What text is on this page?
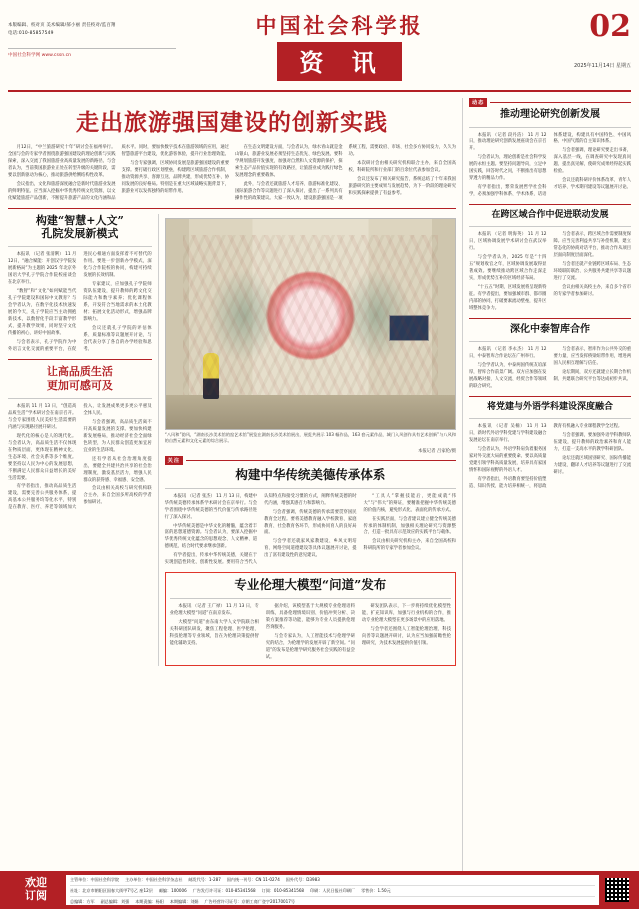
本版编辑、校对页 美术编辑/郝小丽 责任校对/监百翔
电话:010-85857549
中国社会科学网 www.cssn.cn
中国社会科学报
资 讯
02
2025年11月14日 星期五
走出旅游强国建设的创新实践

月12日，“中兰旅游研究十年”研讨会在福州举行。全国与会的专家学者围绕旅游强国建设的理论创新与实践探索，深入交流了我国旅游业高质量发展的新路径。与会者认为，当前我国旅游业正处在转型升级的关键阶段，需要以创新驱动为核心，推动旅游供给侧结构性改革。

会议指出，文化和旅游深度融合是新时代旅游业发展的鲜明特征。应当深入挖掘中华优秀传统文化资源，以文化赋能旅游产品创新，不断提升旅游产品的文化内涵和品质水平。同时，要加快数字技术在旅游领域的应用，通过智慧旅游平台建设，优化游客体验，提升行业治理效能。

与会专家强调，区域协同发展是旅游强国建设的重要支撑。要打破行政区划壁垒，构建跨区域旅游合作机制，推动资源共享、客源互送、品牌共建，形成优势互补、协同发展的良好格局。特别是在重大区域战略实施背景下，旅游业可以发挥独特的纽带作用。

在生态文明建设方面，与会者认为，绿水青山就是金山银山，旅游业发展必须坚持生态优先、绿色发展。要科学规划旅游开发强度，加强对自然和人文资源的保护，探索生态产品价值实现的有效路径，让旅游业成为践行绿色发展理念的重要载体。

此外，与会者还就旅游人才培养、旅游标准化建设、国际旅游合作等议题进行了深入探讨，提出了一系列具有操作性的政策建议。大家一致认为，建设旅游强国是一项系统工程，需要政府、市场、社会多方协同发力，久久为功。

本次研讨会由相关研究机构联合主办，来自全国高校、科研院所和行业部门的百余位代表参加会议。

会议还发布了相关研究报告，系统总结了十年来我国旅游研究的主要成果与发展趋势，为下一阶段的理论研究和实践探索提供了有益参考。

构建“智慧+人文”
孔院发展新模式

本报讯 （记者 张清俐） 11 月12日，“融合赋能：开创汉字学院发展新格局”为主题的 2025 年北京外国语大学孔子学院合作院校座谈会在北京举行。

“数智”和“文化”如何赋能当代孔子学院建设和国际中文教育？与会学者认为，在数字化技术快速发展的今天，孔子学院应当主动拥抱新技术，以数智化手段丰富教学形式、提升教学效果，同时坚守文化传播的初心，讲好中国故事。

与会者表示，孔子学院作为中外语言文化交流的重要平台，在促进民心相通方面发挥着不可替代的作用。要进一步创新办学模式，深化与合作院校的协同，构建可持续发展的长效机制。

专家建议，应加强孔子学院师资队伍建设，提升教师的跨文化交际能力和数字素养；优化课程体系，开发符合当地需求的本土化教材；拓展文化活动形式，增强品牌影响力。

会议还就孔子学院的评估体系、质量标准等议题展开讨论，与会代表分享了各自的办学经验和思考。

让高品质生活
更加可感可及

本报讯 11 月 13 日，“创造高品质生活”学术研讨会在南京召开。与会专家围绕人民美好生活需要的内涵与实现路径展开研讨。

现代化的核心是人的现代化。与会者认为，高品质生活不仅体现在物质层面，更体现在精神文化、生态环境、社会关系等多个维度。要坚持以人民为中心的发展思想，不断满足人民群众日益增长的美好生活需要。

有学者指出，推动高品质生活建设，需要完善公共服务体系，提高基本公共服务均等化水平，特别是在教育、医疗、养老等领域加大投入，让发展成果更多更公平惠及全体人民。

与会者强调，高品质生活离不开高质量发展的支撑。要加快构建新发展格局，推动经济社会全面绿色转型，为人民群众创造更加宜居宜业的生活环境。

还有学者从社会治理角度提出，要健全共建共治共享的社会治理制度，激发基层活力，增强人民群众的获得感、幸福感、安全感。

会议由相关高校与研究机构联合主办，来自全国多所高校的学者参加研讨。

“八风和”韵风，“湖南长沙美术馆的窑艺术馆”展览在湖南长沙美术馆展出，展览共展示 103 幅作品，163 套元素作品，城门入风创作具有艺术创新”与八风和的自然元素和文化元素的综合展示。
本报记者 吕家伦/摄
关注
构建中华传统美德传承体系

本报讯 （记者 张杰） 11 月 13 日，构建中华传统美德传承体系学术研讨会在京举行。与会学者围绕中华传统美德的当代价值与传承路径进行了深入探讨。

中华传统美德是中华文化的精髓，蕴含着丰富的思想道德资源。与会者认为，要深入挖掘中华优秀传统文化蕴含的思想观念、人文精神、道德规范，结合时代要求继承创新。

有学者提出，传承中华传统美德，关键在于实现创造性转化、创新性发展。要用符合当代人认知特点和接受习惯的方式，阐释传统美德的时代内涵，增强其感召力和影响力。

与会者强调，传统美德的传承需要贯穿国民教育全过程。要将美德教育融入学校教育、家庭教育、社会教育各环节，形成协同育人的良好局面。

与会学者还就家风家教建设、乡风文明培育、网络空间道德建设等具体议题展开讨论，提出了富有建设性的意见建议。

“工具人”掌握技能后，更能成就“伟大”与“伟大”的辩证，要精准把握中华传统美德的价值内核，避免形式化、表面化的传承方式。

在实践层面，与会者建议建立健全传统美德传承的体制机制，加强相关理论研究与资源整合，打造一批具有示范效应的实践平台与载体。

会议由相关研究机构主办，来自全国高校和科研院所的专家学者参加会议。

专业伦理大模型“问道”发布

本报讯 （记者 王广禄） 11 月 13 日，专业伦理大模型“问道”在南京发布。

大模型“问道”由东南大学人文学院联合相关科研团队研发，聚焦工程伦理、医学伦理、科技伦理等专业领域，旨在为伦理决策提供智能化辅助支持。

据介绍，该模型基于大规模专业伦理语料训练，具备伦理情境识别、价值冲突分析、决策方案推荐等功能，能够为专业人员提供伦理咨询服务。

与会专家认为，人工智能技术与伦理学研究的结合，为伦理学的发展开辟了新空间。“问道”的发布是伦理学研究服务社会实践的有益尝试。

研发团队表示，下一步将持续优化模型性能，扩充知识库，加强与行业机构的合作，推动专业伦理大模型在更多场景中的应用落地。

与会学者还围绕人工智能伦理治理、科技向善等议题展开研讨，认为应当加强前瞻性伦理研究，为技术发展提供价值引领。

动态
推动理论研究创新发展

本报讯 （记者 段丹洁） 11 月 12 日，推动理论研究创新发展座谈会在京召开。

与会者认为，理论创新是社会科学发展的永恒主题。要坚持问题导向，立足中国实践，回答时代之问，不断推出有思想穿透力的精品力作。

有学者指出，繁荣发展哲学社会科学，必须加强学科体系、学术体系、话语体系建设，构建具有中国特色、中国风格、中国气派的自主知识体系。

与会者强调，理论研究要走出书斋，深入基层一线，在调查研究中发现真问题、提出真见解，使研究成果经得起实践检验。

会议还就科研评价体系改革、青年人才培养、学术期刊建设等议题展开讨论。

在跨区域合作中促进联动发展

本报讯 （记者 明海英） 11 月 12 日，区域协调发展学术研讨会在武汉举行。

与会学者认为，2025 年是“十四五”规划收官之年，区域协调发展取得显著成效。要继续推动跨区域合作走深走实，形成优势互补的区域经济布局。

“十五五”时期，区域发展将呈现新特征。有学者提出，要加强城市群、都市圈内部的协同，打破要素流动壁垒，提升区域整体竞争力。

与会者表示，跨区域合作需要制度保障。应当完善利益共享与补偿机制，建立常态化的协商对话平台，推动合作从项目层面向制度层面深化。

与会者还就产业链跨区域布局、生态环境联防联治、公共服务共建共享等议题进行了交流。

会议由相关高校主办，来自多个省市的专家学者参加研讨。

深化中泰智库合作

本报讯 （记者 李永杰） 11 月 12 日，中泰智库合作论坛在广州举行。

与会学者认为，中泰两国传统友谊深厚，智库合作前景广阔。双方应加强在发展战略对接、人文交流、经贸合作等领域的联合研究。

与会者表示，智库作为公共外交的重要力量，应当发挥桥梁纽带作用，增进两国人民相互理解与信任。

论坛期间，双方还就建立长期合作机制、共建联合研究平台等达成初步共识。

将党建与外语学科建设深度融合

本报讯 （记者 吴楠） 11 月 13 日，新时代外语学科党建与学科建设融合发展论坛在南京举行。

与会者认为，外语学科肩负着服务国家对外交流大局的重要使命。要以高质量党建引领学科高质量发展，培养具有家国情怀和国际视野的外语人才。

有学者指出，外语教育要坚持价值塑造、知识传授、能力培养相统一，将思政教育有机融入专业课程教学全过程。

与会者强调，要加强外语学科教师队伍建设，提升教师的政治素养和育人能力，打造一支高水平的教学科研团队。

论坛还就区域国别研究、国际传播能力建设、翻译人才培养等议题进行了交流研讨。

欢迎
订阅
主管单位：中国社会科学院 主办单位：中国社会科学杂志社 邮发代号：1-287 国内统一刊号：CN 11-0274 国外代号：D3983
社址：北京市朝阳区国春大街甲7号乙 座12层 邮编：100006 广告发行许可证：010-85341568 订阅：010-85341568 印刷：人民日报社印刷厂 零售价：1.50元
总编辑：方军 副总编辑：刘强 本期责编：杨阳 本期编辑：刘娟 广告经营许可证号：京朝工商广登字20170017号
